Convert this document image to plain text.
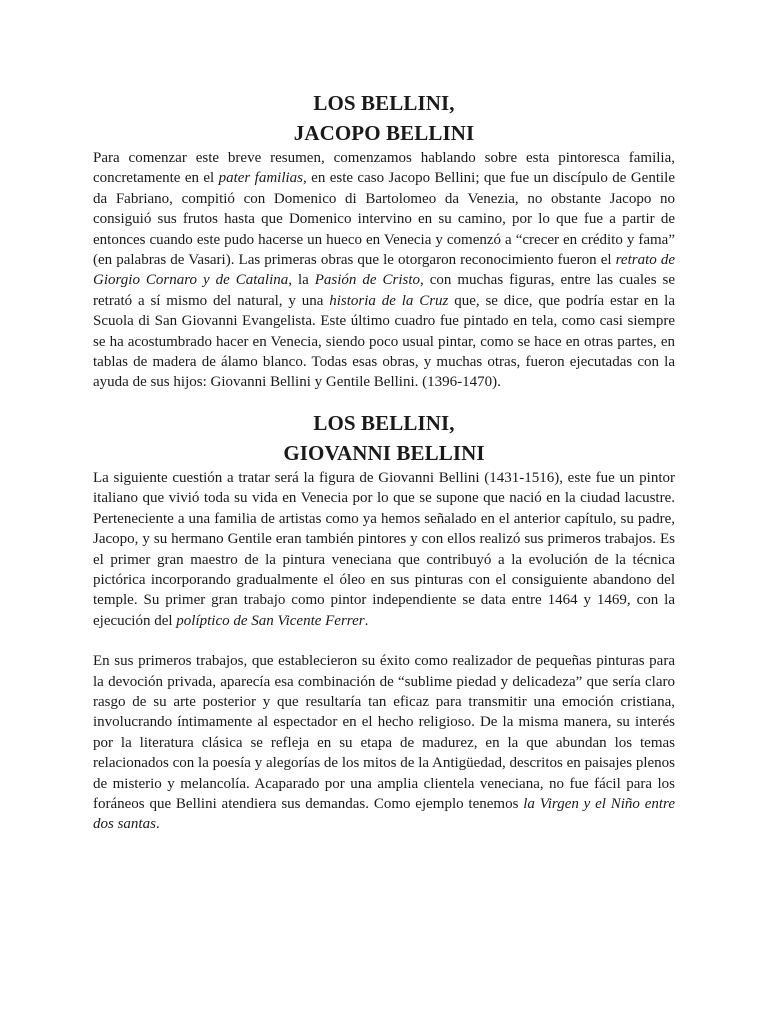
LOS BELLINI,
JACOPO BELLINI

Para comenzar este breve resumen, comenzamos hablando sobre esta pintoresca familia, concretamente en el pater familias, en este caso Jacopo Bellini; que fue un discípulo de Gentile da Fabriano, compitió con Domenico di Bartolomeo da Venezia, no obstante Jacopo no consiguió sus frutos hasta que Domenico intervino en su camino, por lo que fue a partir de entonces cuando este pudo hacerse un hueco en Venecia y comenzó a “crecer en crédito y fama” (en palabras de Vasari). Las primeras obras que le otorgaron reconocimiento fueron el retrato de Giorgio Cornaro y de Catalina, la Pasión de Cristo, con muchas figuras, entre las cuales se retrató a sí mismo del natural, y una historia de la Cruz que, se dice, que podría estar en la Scuola di San Giovanni Evangelista. Este último cuadro fue pintado en tela, como casi siempre se ha acostumbrado hacer en Venecia, siendo poco usual pintar, como se hace en otras partes, en tablas de madera de álamo blanco. Todas esas obras, y muchas otras, fueron ejecutadas con la ayuda de sus hijos: Giovanni Bellini y Gentile Bellini. (1396-1470).

LOS BELLINI,
GIOVANNI BELLINI

La siguiente cuestión a tratar será la figura de Giovanni Bellini (1431-1516), este fue un pintor italiano que vivió toda su vida en Venecia por lo que se supone que nació en la ciudad lacustre. Perteneciente a una familia de artistas como ya hemos señalado en el anterior capítulo, su padre, Jacopo, y su hermano Gentile eran también pintores y con ellos realizó sus primeros trabajos. Es el primer gran maestro de la pintura veneciana que contribuyó a la evolución de la técnica pictórica incorporando gradualmente el óleo en sus pinturas con el consiguiente abandono del temple. Su primer gran trabajo como pintor independiente se data entre 1464 y 1469, con la ejecución del políptico de San Vicente Ferrer.

En sus primeros trabajos, que establecieron su éxito como realizador de pequeñas pinturas para la devoción privada, aparecía esa combinación de “sublime piedad y delicadeza” que sería claro rasgo de su arte posterior y que resultaría tan eficaz para transmitir una emoción cristiana, involucrando íntimamente al espectador en el hecho religioso. De la misma manera, su interés por la literatura clásica se refleja en su etapa de madurez, en la que abundan los temas relacionados con la poesía y alegorías de los mitos de la Antigüedad, descritos en paisajes plenos de misterio y melancolía. Acaparado por una amplia clientela veneciana, no fue fácil para los foráneos que Bellini atendiera sus demandas. Como ejemplo tenemos la Virgen y el Niño entre dos santas.
